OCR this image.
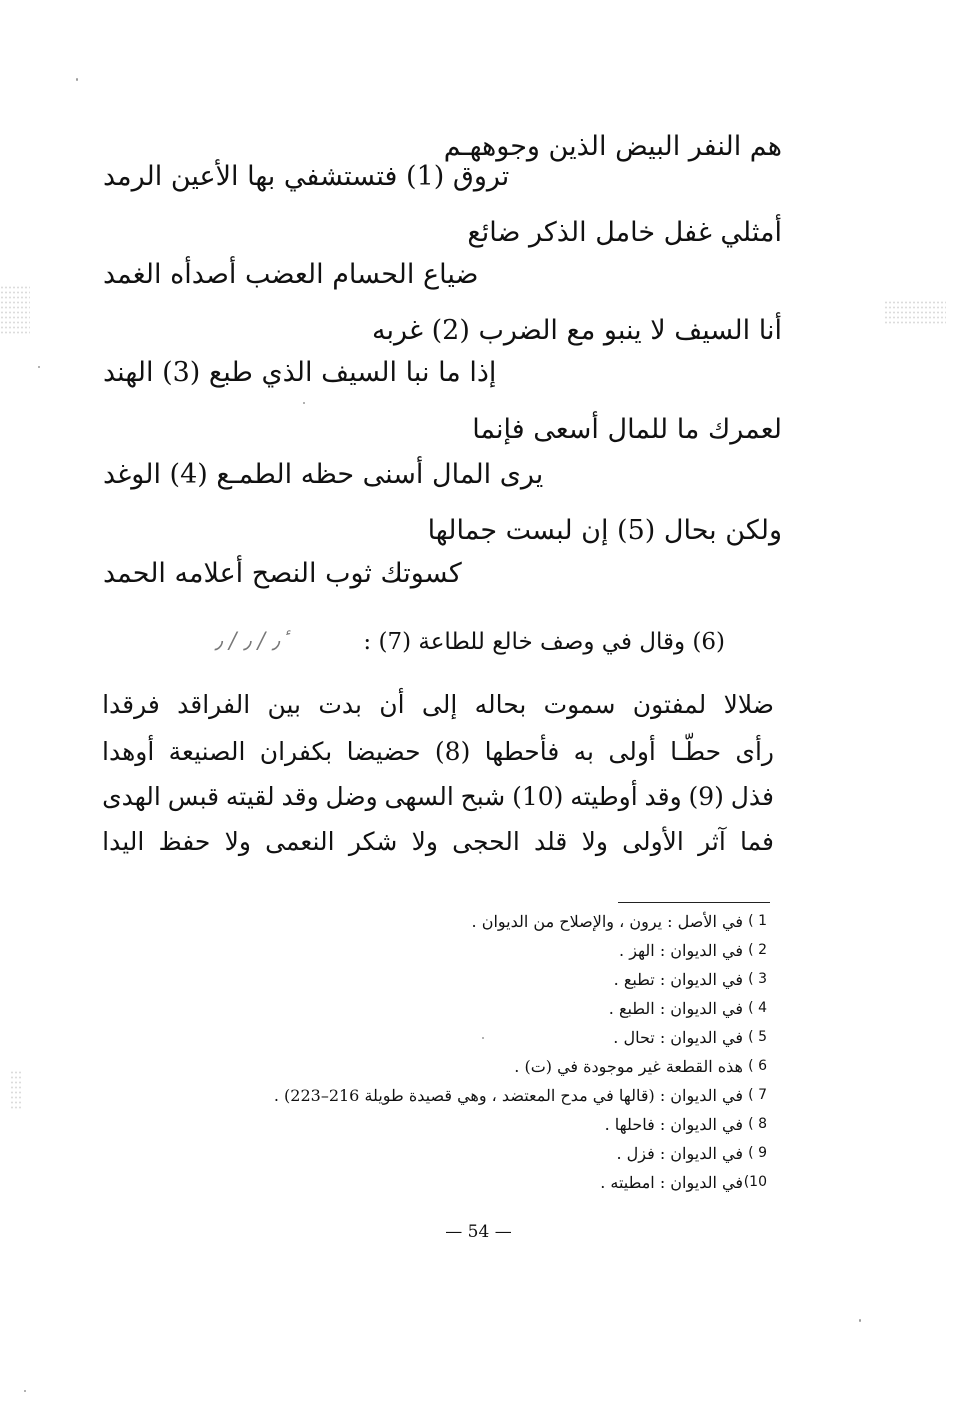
هم النفر البيض الذين وجوههـم
تروق (1) فتستشفي بها الأعين الرمد
أمثلي غفل خامل الذكر ضائع
ضياع الحسام العضب أصدأه الغمد
أنا السيف لا ينبو مع الضرب (2) غربه
إذا ما نبا السيف الذي طبع (3) الهند
لعمرك ما للمال أسعى فإنما
يرى المال أسنى حظه الطمـع (4) الوغد
ولكن بحال (5) إن لبست جمالها
كسوتك ثوب النصح أعلامه الحمد
(6) وقال في وصف خالع للطاعة (7) :
٫ / ٫ / ٫ ٔ
ضلالا
لمفتون
سموت
بحاله
إلى
أن
بدت
بين
الفراقد
فرقدا
رأى
حطّـا
أولى
به
فأحطها
(8)
حضيضا
بكفران
الصنيعة
أوهدا
فذل
(9)
وقد
أوطيته
(10)
شبح
السهى
وضل
وقد
لقيته
قبس
الهدى
فما
آثر
الأولى
ولا
قلد
الحجى
ولا
شكر
النعمى
ولا
حفظ
اليدا
1 )
في الأصل : يرون ، والإصلاح من الديوان .
2 )
في الديوان : الهز .
3 )
في الديوان : تطبع .
4 )
في الديوان : الطبع .
5 )
في الديوان : تحال .
6 )
هذه القطعة غير موجودة في (ت) .
7 )
في الديوان : (قالها في مدح المعتضد ، وهي قصيدة طويلة 216–223) .
8 )
في الديوان : فاحلها .
9 )
في الديوان : فزل .
10)
في الديوان : امطيته .
— 54 —
